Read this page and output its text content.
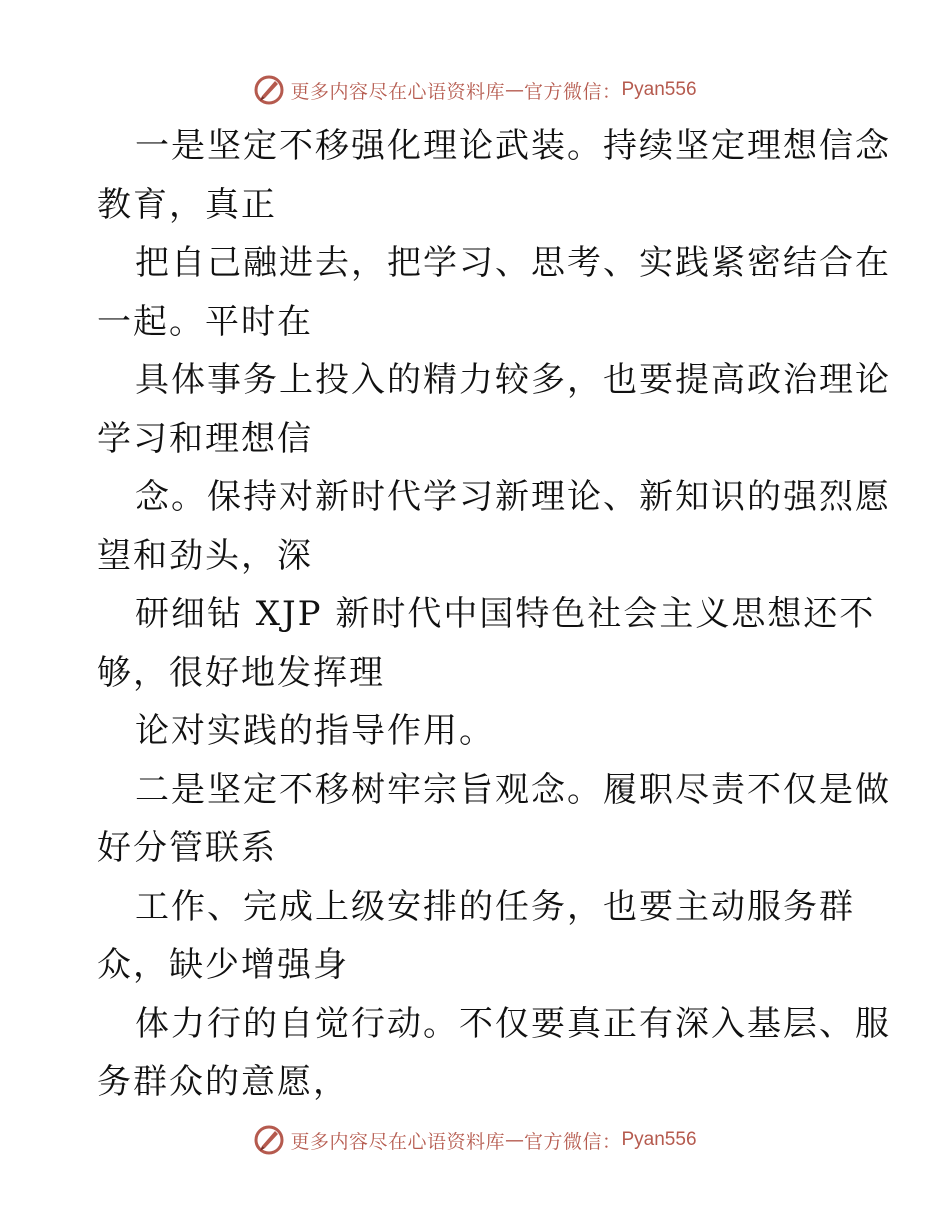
更多内容尽在心语资料库 — 官方微信： Pyan556
一是坚定不移强化理论武装。持续坚定理想信念
教育，真正
把自己融进去，把学习、思考、实践紧密结合在
一起。平时在
具体事务上投入的精力较多，也要提高政治理论
学习和理想信
念。保持对新时代学习新理论、新知识的强烈愿
望和劲头，深
研细钻 XJP 新时代中国特色社会主义思想还不
够，很好地发挥理
论对实践的指导作用。
二是坚定不移树牢宗旨观念。履职尽责不仅是做
好分管联系
工作、完成上级安排的任务，也要主动服务群
众，缺少增强身
体力行的自觉行动。不仅要真正有深入基层、服
务群众的意愿，
更多内容尽在心语资料库 — 官方微信： Pyan556
